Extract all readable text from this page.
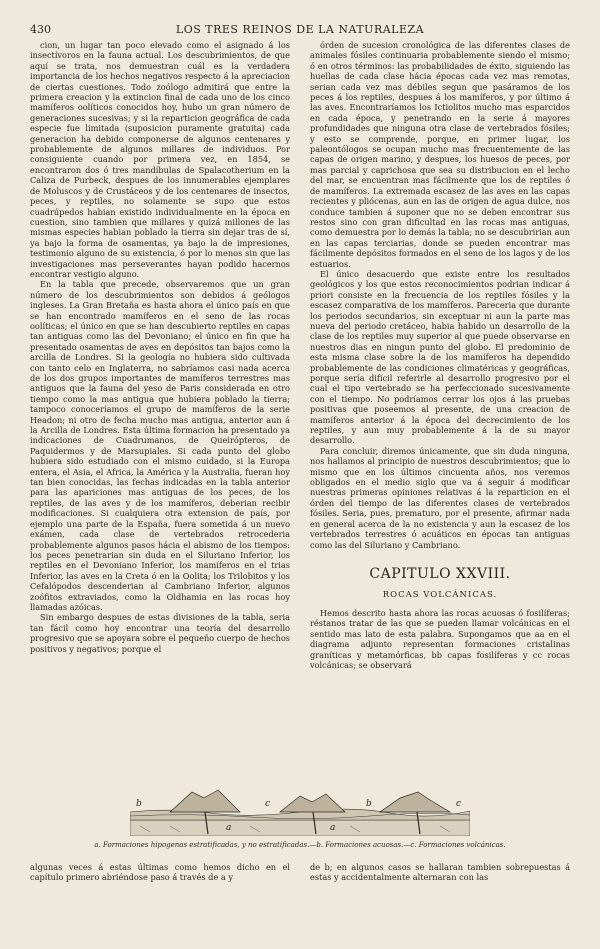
430	LOS TRES REINOS DE LA NATURALEZA

cion, un lugar tan poco elevado como el asignado á los insectívoros en la fauna actual. Los descubrimientos, de que aquí se trata, nos demuestran cuál es la verdadera importancia de los hechos negativos respecto á la apreciacion de ciertas cuestiones. Todo zoólogo admitirá que entre la primera creacion y la extincion final de cada uno de los cinco mamíferos oolíticos conocidos hoy, hubo un gran número de generaciones sucesivas; y si la reparticion geográfica de cada especie fue limitada (suposicion puramente gratuita) cada generacion ha debido componerse de algunos centenares y probablemente de algunos millares de individuos. Por consiguiente cuando por primera vez, en 1854, se encontraron dos ó tres mandíbulas de Spalacotherium en la Caliza de Purbeck, despues de los innumerables ejemplares de Moluscos y de Crustáceos y de los centenares de insectos, peces, y reptiles, no solamente se supo que estos cuadrúpedos habian existido individualmente en la época en cuestion, sino tambien que millares y quizá millones de las mismas especies habian poblado la tierra sin dejar tras de sí, ya bajo la forma de osamentas, ya bajo la de impresiones, testimonio alguno de su existencia, ó por lo menos sin que las investigaciones mas perseverantes hayan podido hacernos encontrar vestigio alguno.

En la tabla que precede, observaremos que un gran número de los descubrimientos son debidos á geólogos ingleses. La Gran Bretaña es hasta ahora el único país en que se han encontrado mamíferos en el seno de las rocas oolíticas; el único en que se han descubierto reptiles en capas tan antiguas como las del Devoniano; el único en fin que ha presentado osamentas de aves en depósitos tan bajos como la arcilla de Londres. Si la geología no hubiera sido cultivada con tanto celo en Inglaterra, no sabríamos casi nada acerca de los dos grupos importantes de mamíferos terrestres mas antiguos que la fauna del yeso de Paris considerada en otro tiempo como la mas antigua que hubiera poblado la tierra; tampoco conoceríamos el grupo de mamíferos de la serie Headon; ni otro de fecha mucho mas antigua, anterior aun á la Arcilla de Londres. Esta última formacion ha presentado ya indicaciones de Cuadrumanos, de Queirópteros, de Paquidermos y de Marsupiales. Si cada punto del globo hubiera sido estudiado con el mismo cuidado, si la Europa entera, el Asia, el Africa, la América y la Australia, fueran hoy tan bien conocidas, las fechas indicadas en la tabla anterior para las apariciones mas antiguas de los peces, de los reptiles, de las aves y de los mamíferos, deberian recibir modificaciones. Si cualquiera otra extension de país, por ejemplo una parte de la España, fuera sometida á un nuevo exámen, cada clase de vertebrados retrocederia probablemente algunos pasos hácia el abismo de los tiempos: los peces penetrarian sin duda en el Siluriano Inferior, los reptiles en el Devoniano Inferior, los mamíferos en el trias Inferior, las aves en la Creta ó en la Oolita; los Trilobitos y los Cefalópodos descenderian al Cambriano Inferior, algunos zoófitos extraviados, como la Oldhamia en las rocas hoy llamadas azóicas.

Sin embargo despues de estas divisiones de la tabla, seria tan fácil como hoy encontrar una teoría del desarrollo progresivo que se apoyara sobre el pequeño cuerpo de hechos positivos y negativos; porque el

órden de sucesion cronológica de las diferentes clases de animales fósiles continuaria probablemente siendo el mismo; ó en otros términos: las probabilidades de éxito, siguiendo las huellas de cada clase hácia épocas cada vez mas remotas, serian cada vez mas débiles segun que pasáramos de los peces á los reptiles, despues á los mamíferos, y por último á las aves. Encontraríamos los Ictiolitos mucho mas esparcidos en cada época, y penetrando en la serie á mayores profundidades que ninguna otra clase de vertebrados fósiles; y esto se comprende, porque, en primer lugar, los paleontólogos se ocupan mucho mas frecuentemente de las capas de origen marino, y despues, los huesos de peces, por mas parcial y caprichosa que sea su distribucion en el lecho del mar, se encuentran mas fácilmente que los de reptiles ó de mamíferos. La extremada escasez de las aves en las capas recientes y pliócenas, aun en las de origen de agua dulce, nos conduce tambien á suponer que no se deben encontrar sus restos sino con gran dificultad en las rocas mas antiguas, como demuestra por lo demás la tabla; no se descubririan aun en las capas terciarias, donde se pueden encontrar mas fácilmente depósitos formados en el seno de los lagos y de los estuarios.

El único desacuerdo que existe entre los resultados geológicos y los que estos reconocimientos podrian indicar á priori consiste en la frecuencia de los reptiles fósiles y la escasez comparativa de los mamíferos. Pareceria que durante los periodos secundarios, sin exceptuar ni aun la parte mas nueva del periodo cretáceo, habia habido un desarrollo de la clase de los reptiles muy superior al que puede observarse en nuestros dias en ningun punto del globo. El predominio de esta misma clase sobre la de los mamíferos ha dependido probablemente de las condiciones climatéricas y geográficas, porque sería difícil referirle al desarrollo progresivo por el cual el tipo vertebrado se ha perfeccionado sucesivamente con el tiempo. No podríamos cerrar los ojos á las pruebas positivas que poseemos al presente, de una creacion de mamíferos anterior á la época del decrecimiento de los reptiles, y aun muy probablemente á la de su mayor desarrollo.

Para concluir, diremos únicamente, que sin duda ninguna, nos hallamos al principio de nuestros descubrimientos; que lo mismo que en los últimos cincuenta años, nos veremos obligados en el medio siglo que va á seguir á modificar nuestras primeras opiniones relativas á la reparticion en el órden del tiempo de las diferentes clases de vertebrados fósiles. Seria, pues, prematuro, por el presente, afirmar nada en general acerca de la no existencia y aun la escasez de los vertebrados terrestres ó acuáticos en épocas tan antiguas como las del Siluriano y Cambriano.

CAPITULO XXVIII.
ROCAS VOLCÁNICAS.

Hemos descrito hasta ahora las rocas acuosas ó fosilíferas; réstanos tratar de las que se pueden llamar volcánicas en el sentido mas lato de esta palabra. Supongamos que aa en el diagrama adjunto representan formaciones cristalinas graníticas y metamórficas, bb capas fosilíferas y cc rocas volcánicas; se observará

b
a
c
a
b	c
a. Formaciones hipogenas estratificadas, y no estratificadas.—b. Formaciones acuosas.—c. Formaciones volcánicas.

algunas veces á estas últimas como hemos dicho en el capítulo primero abriéndose paso á través de a y

de b; en algunos casos se hallaran tambien sobrepuestas á estas y accidentalmente alternaran con las
